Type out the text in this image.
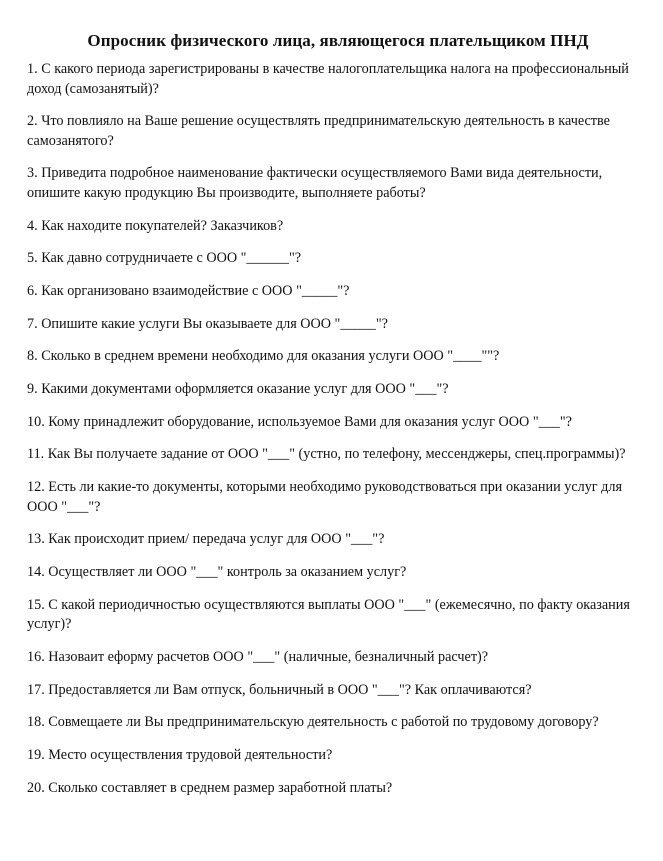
Опросник физического лица, являющегося плательщиком ПНД
1. С какого периода зарегистрированы в качестве налогоплательщика налога на профессиональный доход (самозанятый)?
2. Что повлияло на Ваше решение осуществлять предпринимательскую деятельность в качестве самозанятого?
3. Приведита подробное наименование фактически осуществляемого Вами вида деятельности, опишите какую продукцию Вы производите, выполняете работы?
4. Как находите покупателей? Заказчиков?
5. Как давно сотрудничаете с ООО "______"?
6. Как организовано взаимодействие с ООО "_____"?
7. Опишите какие услуги Вы оказываете для ООО "_____"?
8. Сколько в среднем времени необходимо для оказания услуги ООО "____""?
9. Какими документами оформляется оказание услуг для ООО "___"?
10. Кому принадлежит оборудование, используемое Вами для оказания услуг ООО "___"?
11. Как Вы получаете задание от ООО "___" (устно, по телефону, мессенджеры, спец.программы)?
12. Есть ли какие-то документы, которыми необходимо руководствоваться при оказании услуг для ООО "___"?
13. Как происходит прием/ передача услуг для ООО "___"?
14. Осуществляет ли ООО "___" контроль за оказанием услуг?
15. С какой периодичностью осуществляются выплаты ООО "___" (ежемесячно, по факту оказания услуг)?
16. Назоваит еформу расчетов ООО "___" (наличные, безналичный расчет)?
17. Предоставляется ли Вам отпуск, больничный в ООО "___"? Как оплачиваются?
18. Совмещаете ли Вы предпринимательскую деятельность с работой по трудовому договору?
19. Место осуществления трудовой деятельности?
20. Сколько составляет в среднем размер заработной платы?
